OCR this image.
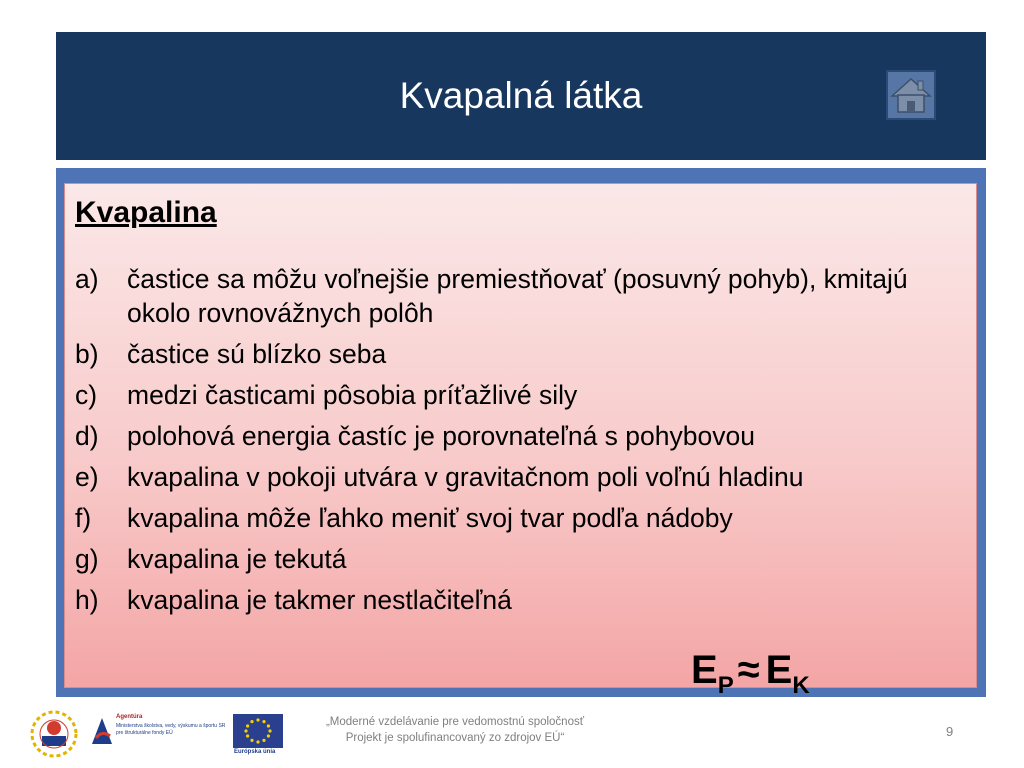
Kvapalná látka
Kvapalina
a)	častice sa môžu voľnejšie premiestňovať (posuvný pohyb), kmitajú okolo rovnovážnych polôh
b)	častice sú blízko seba
c)	medzi časticami pôsobia príťažlivé sily
d)	polohová energia častíc je porovnateľná s pohybovou
e)	kvapalina v pokoji utvára v gravitačnom poli voľnú hladinu
f)	kvapalina môže ľahko meniť svoj tvar podľa nádoby
g)	kvapalina je tekutá
h)	kvapalina je takmer nestlačiteľná
$E_P \approx E_K$
Agentúra
Ministerstva školstva, vedy, výskumu a športu SR
pre štrukturálne fondy EÚ
Európska únia
„Moderné vzdelávanie pre vedomostnú spoločnosť
Projekt je spolufinancovaný zo zdrojov EÚ“	9
